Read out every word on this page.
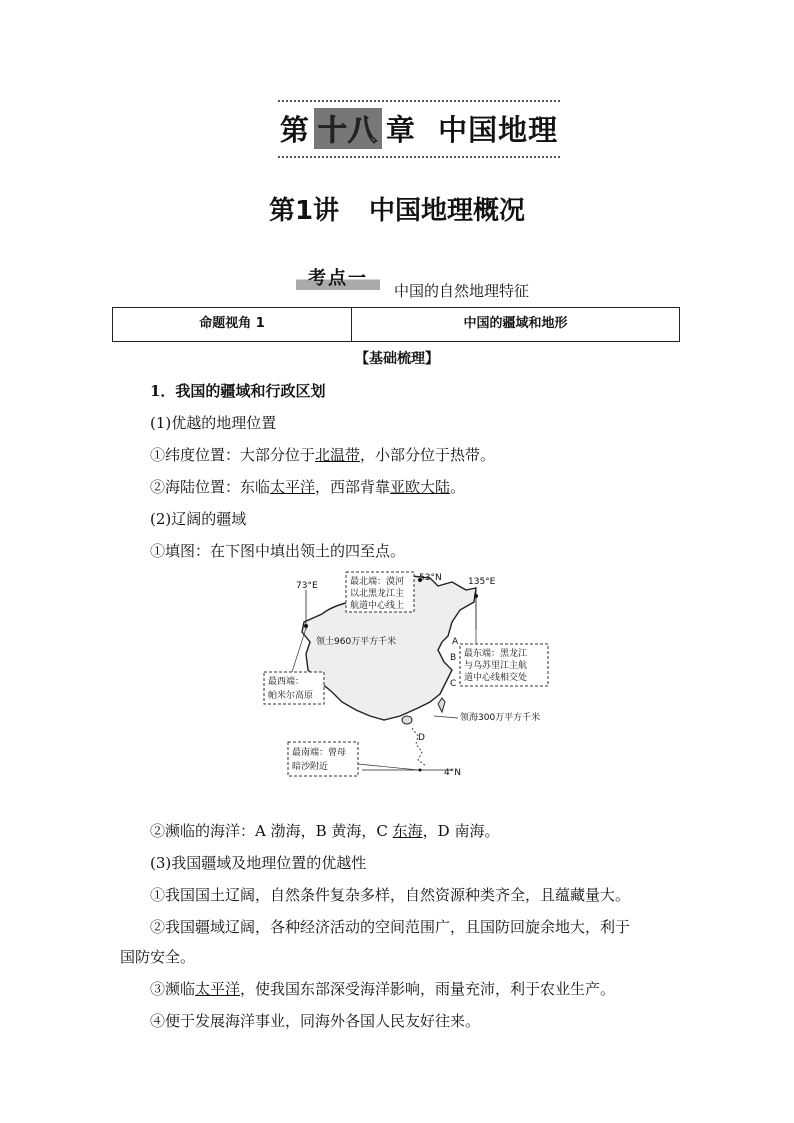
第 十八 章 中国地理
第1讲 中国地理概况
考点一
中国的自然地理特征
命题视角 1	中国的疆域和地形
【基础梳理】
1．我国的疆域和行政区划
(1)优越的地理位置
①纬度位置：大部分位于北温带，小部分位于热带。
②海陆位置：东临太平洋，西部背靠亚欧大陆。
(2)辽阔的疆域
①填图：在下图中填出领土的四至点。
73°E	135°E
53°N
4°N
最北端：漠河
以北黑龙江主
航道中心线上
最东端：黑龙江
与乌苏里江主航
道中心线相交处
最西端：
帕米尔高原
最南端：曾母
暗沙附近
领土960万平方千米
领海300万平方千米
A
B
C
D
②濒临的海洋：A 渤海，B 黄海，C 东海，D 南海。
(3)我国疆域及地理位置的优越性
①我国国土辽阔，自然条件复杂多样，自然资源种类齐全，且蕴藏量大。
②我国疆域辽阔，各种经济活动的空间范围广，且国防回旋余地大，利于
国防安全。
③濒临太平洋，使我国东部深受海洋影响，雨量充沛，利于农业生产。
④便于发展海洋事业，同海外各国人民友好往来。
